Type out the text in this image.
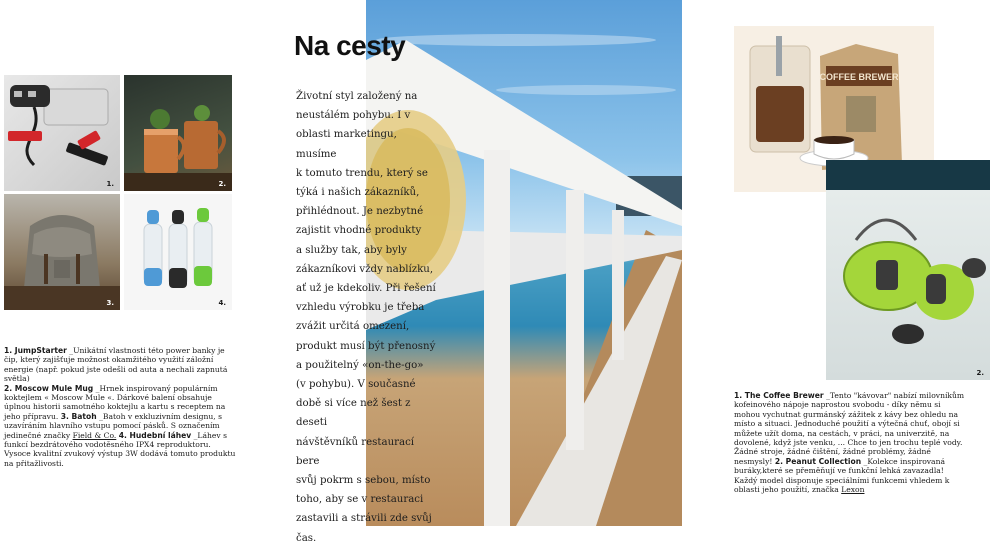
1.	2.
3.	4.
1. JumpStarter _Unikátní vlastnosti této power banky je čip, který zajišťuje možnost okamžitého využití záložní energie (např. pokud jste odešli od auta a nechali zapnutá světla)
2. Moscow Mule Mug _Hrnek inspirovaný populárním koktejlem « Moscow Mule «. Dárkové balení obsahuje úplnou historii samotného koktejlu a kartu s receptem na jeho přípravu. 3. Batoh _Batoh v exkluzivním designu, s uzavíráním hlavního vstupu pomocí pásků. S označením jedinečné značky Field & Co. 4. Hudební láhev _Láhev s funkcí bezdrátového vodotěsného IPX4 reproduktoru. Vysoce kvalitní zvukový výstup 3W dodává tomuto produktu na přitažlivosti.
Na cesty

Životní styl založený na

neustálém pohybu. I v

oblasti marketingu, musíme

k tomuto trendu, který se

týká i našich zákazníků,

přihlédnout. Je nezbytné

zajistit vhodné produkty

a služby tak, aby byly

zákazníkovi vždy nablízku,

ať už je kdekoliv. Při řešení

vzhledu výrobku je třeba

zvážit určitá omezení,

produkt musí být přenosný

a použitelný «on-the-go»

(v pohybu). V současné

době si více než šest z deseti

návštěvníků restaurací bere

svůj pokrm s sebou, místo

toho, aby se v restauraci

zastavili a strávili zde svůj

čas.

COFFEE BREWER
2.
1. The Coffee Brewer _Tento "kávovar" nabízí milovníkům kofeinového nápoje naprostou svobodu - díky němu si mohou vychutnat gurmánský zážitek z kávy bez ohledu na místo a situaci. Jednoduché použití a výtečná chuť, obojí si můžete užít doma, na cestách, v práci, na univerzitě, na dovolené, když jste venku, ... Chce to jen trochu teplé vody. Žádné stroje, žádné čištění, žádné problémy, žádné nesmysly! 2. Peanut Collection _Kolekce inspirovaná buráky,které se přeměňují ve funkční lehká zavazadla! Každý model disponuje speciálními funkcemi vhledem k oblasti jeho použití, značka Lexon
